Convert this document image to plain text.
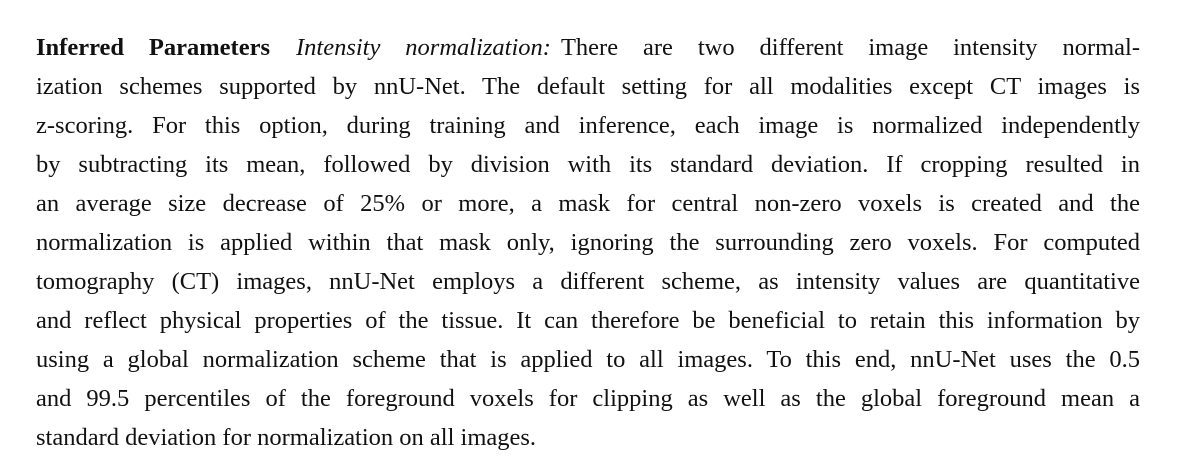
Inferred Parameters Intensity normalization: There are two different image intensity normal-
ization schemes supported by nnU-Net. The default setting for all modalities except CT images is
z-scoring. For this option, during training and inference, each image is normalized independently
by subtracting its mean, followed by division with its standard deviation. If cropping resulted in
an average size decrease of 25% or more, a mask for central non-zero voxels is created and the
normalization is applied within that mask only, ignoring the surrounding zero voxels. For computed
tomography (CT) images, nnU-Net employs a different scheme, as intensity values are quantitative
and reflect physical properties of the tissue. It can therefore be beneficial to retain this information by
using a global normalization scheme that is applied to all images. To this end, nnU-Net uses the 0.5
and 99.5 percentiles of the foreground voxels for clipping as well as the global foreground mean a
standard deviation for normalization on all images.
